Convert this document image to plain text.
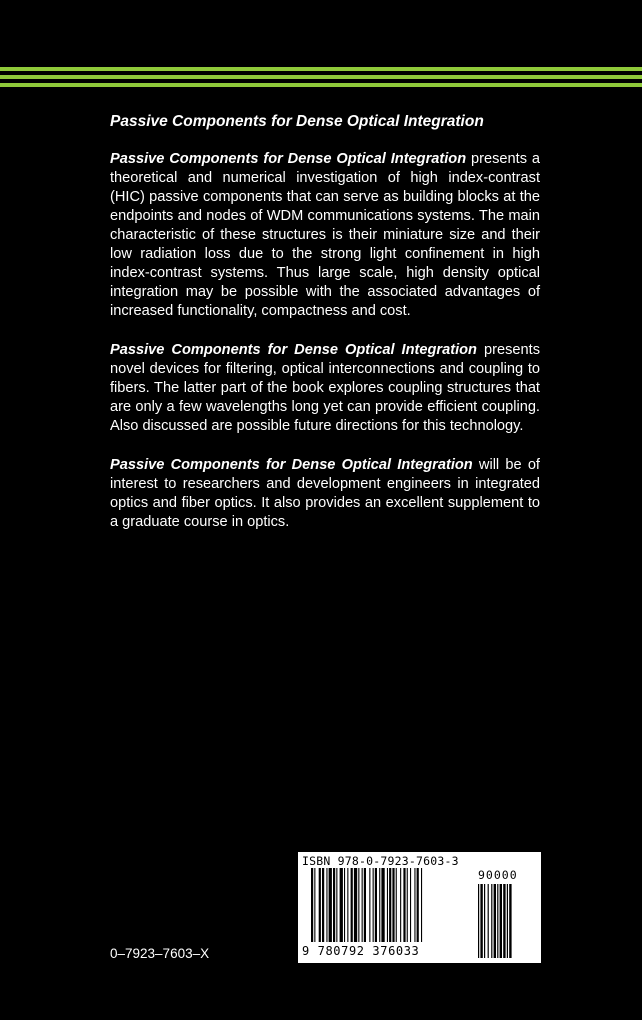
Passive Components for Dense Optical Integration

Passive Components for Dense Optical Integration presents a theoretical and numerical investigation of high index-contrast (HIC) passive components that can serve as building blocks at the endpoints and nodes of WDM communications systems. The main characteristic of these structures is their miniature size and their low radiation loss due to the strong light confinement in high index-contrast systems. Thus large scale, high density optical integration may be possible with the associated advantages of increased functionality, compactness and cost.

Passive Components for Dense Optical Integration presents novel devices for filtering, optical interconnections and coupling to fibers. The latter part of the book explores coupling structures that are only a few wavelengths long yet can provide efficient coupling. Also discussed are possible future directions for this technology.

Passive Components for Dense Optical Integration will be of interest to researchers and development engineers in integrated optics and fiber optics. It also provides an excellent supplement to a graduate course in optics.

0–7923–7603–X
ISBN 978-0-7923-7603-3
90000
9 780792 376033
